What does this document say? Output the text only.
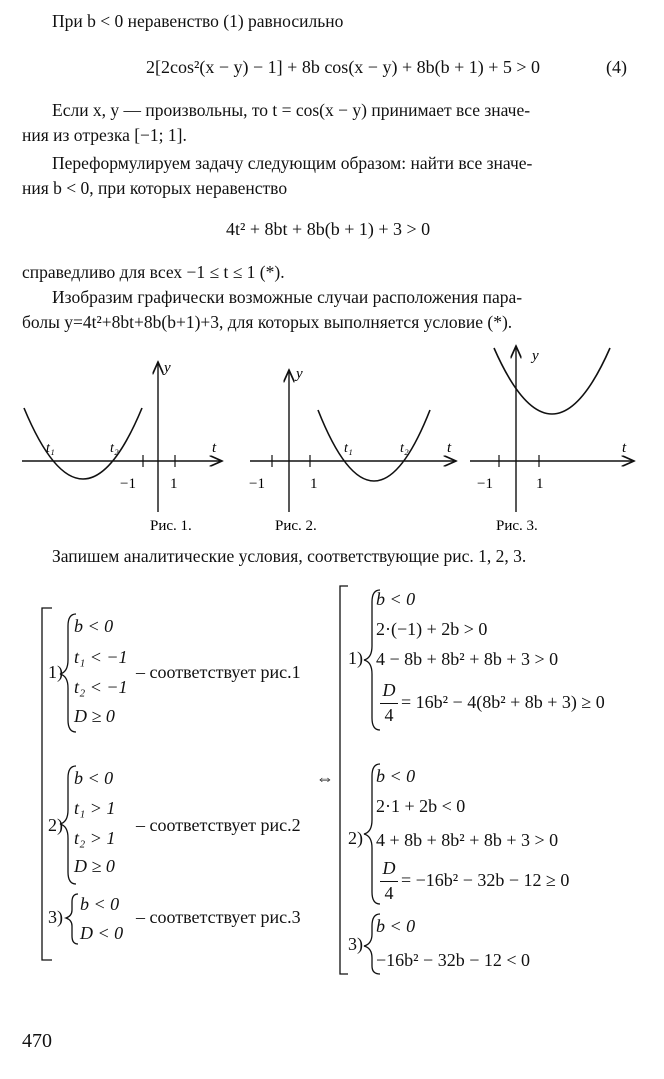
При b < 0 неравенство (1) равносильно
2[2cos²(x − y) − 1] + 8b cos(x − y) + 8b(b + 1) + 5 > 0	(4)
Если x, y — произвольны, то t = cos(x − y) принимает все значе-
ния из отрезка [−1; 1].
Переформулируем задачу следующим образом: найти все значе-
ния b < 0, при которых неравенство
4t² + 8bt + 8b(b + 1) + 3 > 0
справедливо для всех −1 ≤ t ≤ 1 (*).
Изобразим графически возможные случаи расположения пара-
болы y=4t²+8bt+8b(b+1)+3, для которых выполняется условие (*).
y
t
−1 1
t₁	t₂
Рис. 1.
y
t
−1	1
t₁	t₂
Рис. 2.
y
t
−1	1
Рис. 3.
Запишем аналитические условия, соответствующие рис. 1, 2, 3.
b < 0
t₁ < −1
t₂ < −1
D ≥ 0
1)	– соответствует рис.1
b < 0
t₁ > 1
t₂ > 1
D ≥ 0
2)	– соответствует рис.2
b < 0
D < 0
3)	– соответствует рис.3
⇔
b < 0
2·(−1) + 2b > 0
4 − 8b + 8b² + 8b + 3 > 0
D
4
= 16b² − 4(8b² + 8b + 3) ≥ 0
1)
b < 0
2·1 + 2b < 0
4 + 8b + 8b² + 8b + 3 > 0
D
4
= −16b² − 32b − 12 ≥ 0
2)
b < 0
−16b² − 32b − 12 < 0
3)
470
